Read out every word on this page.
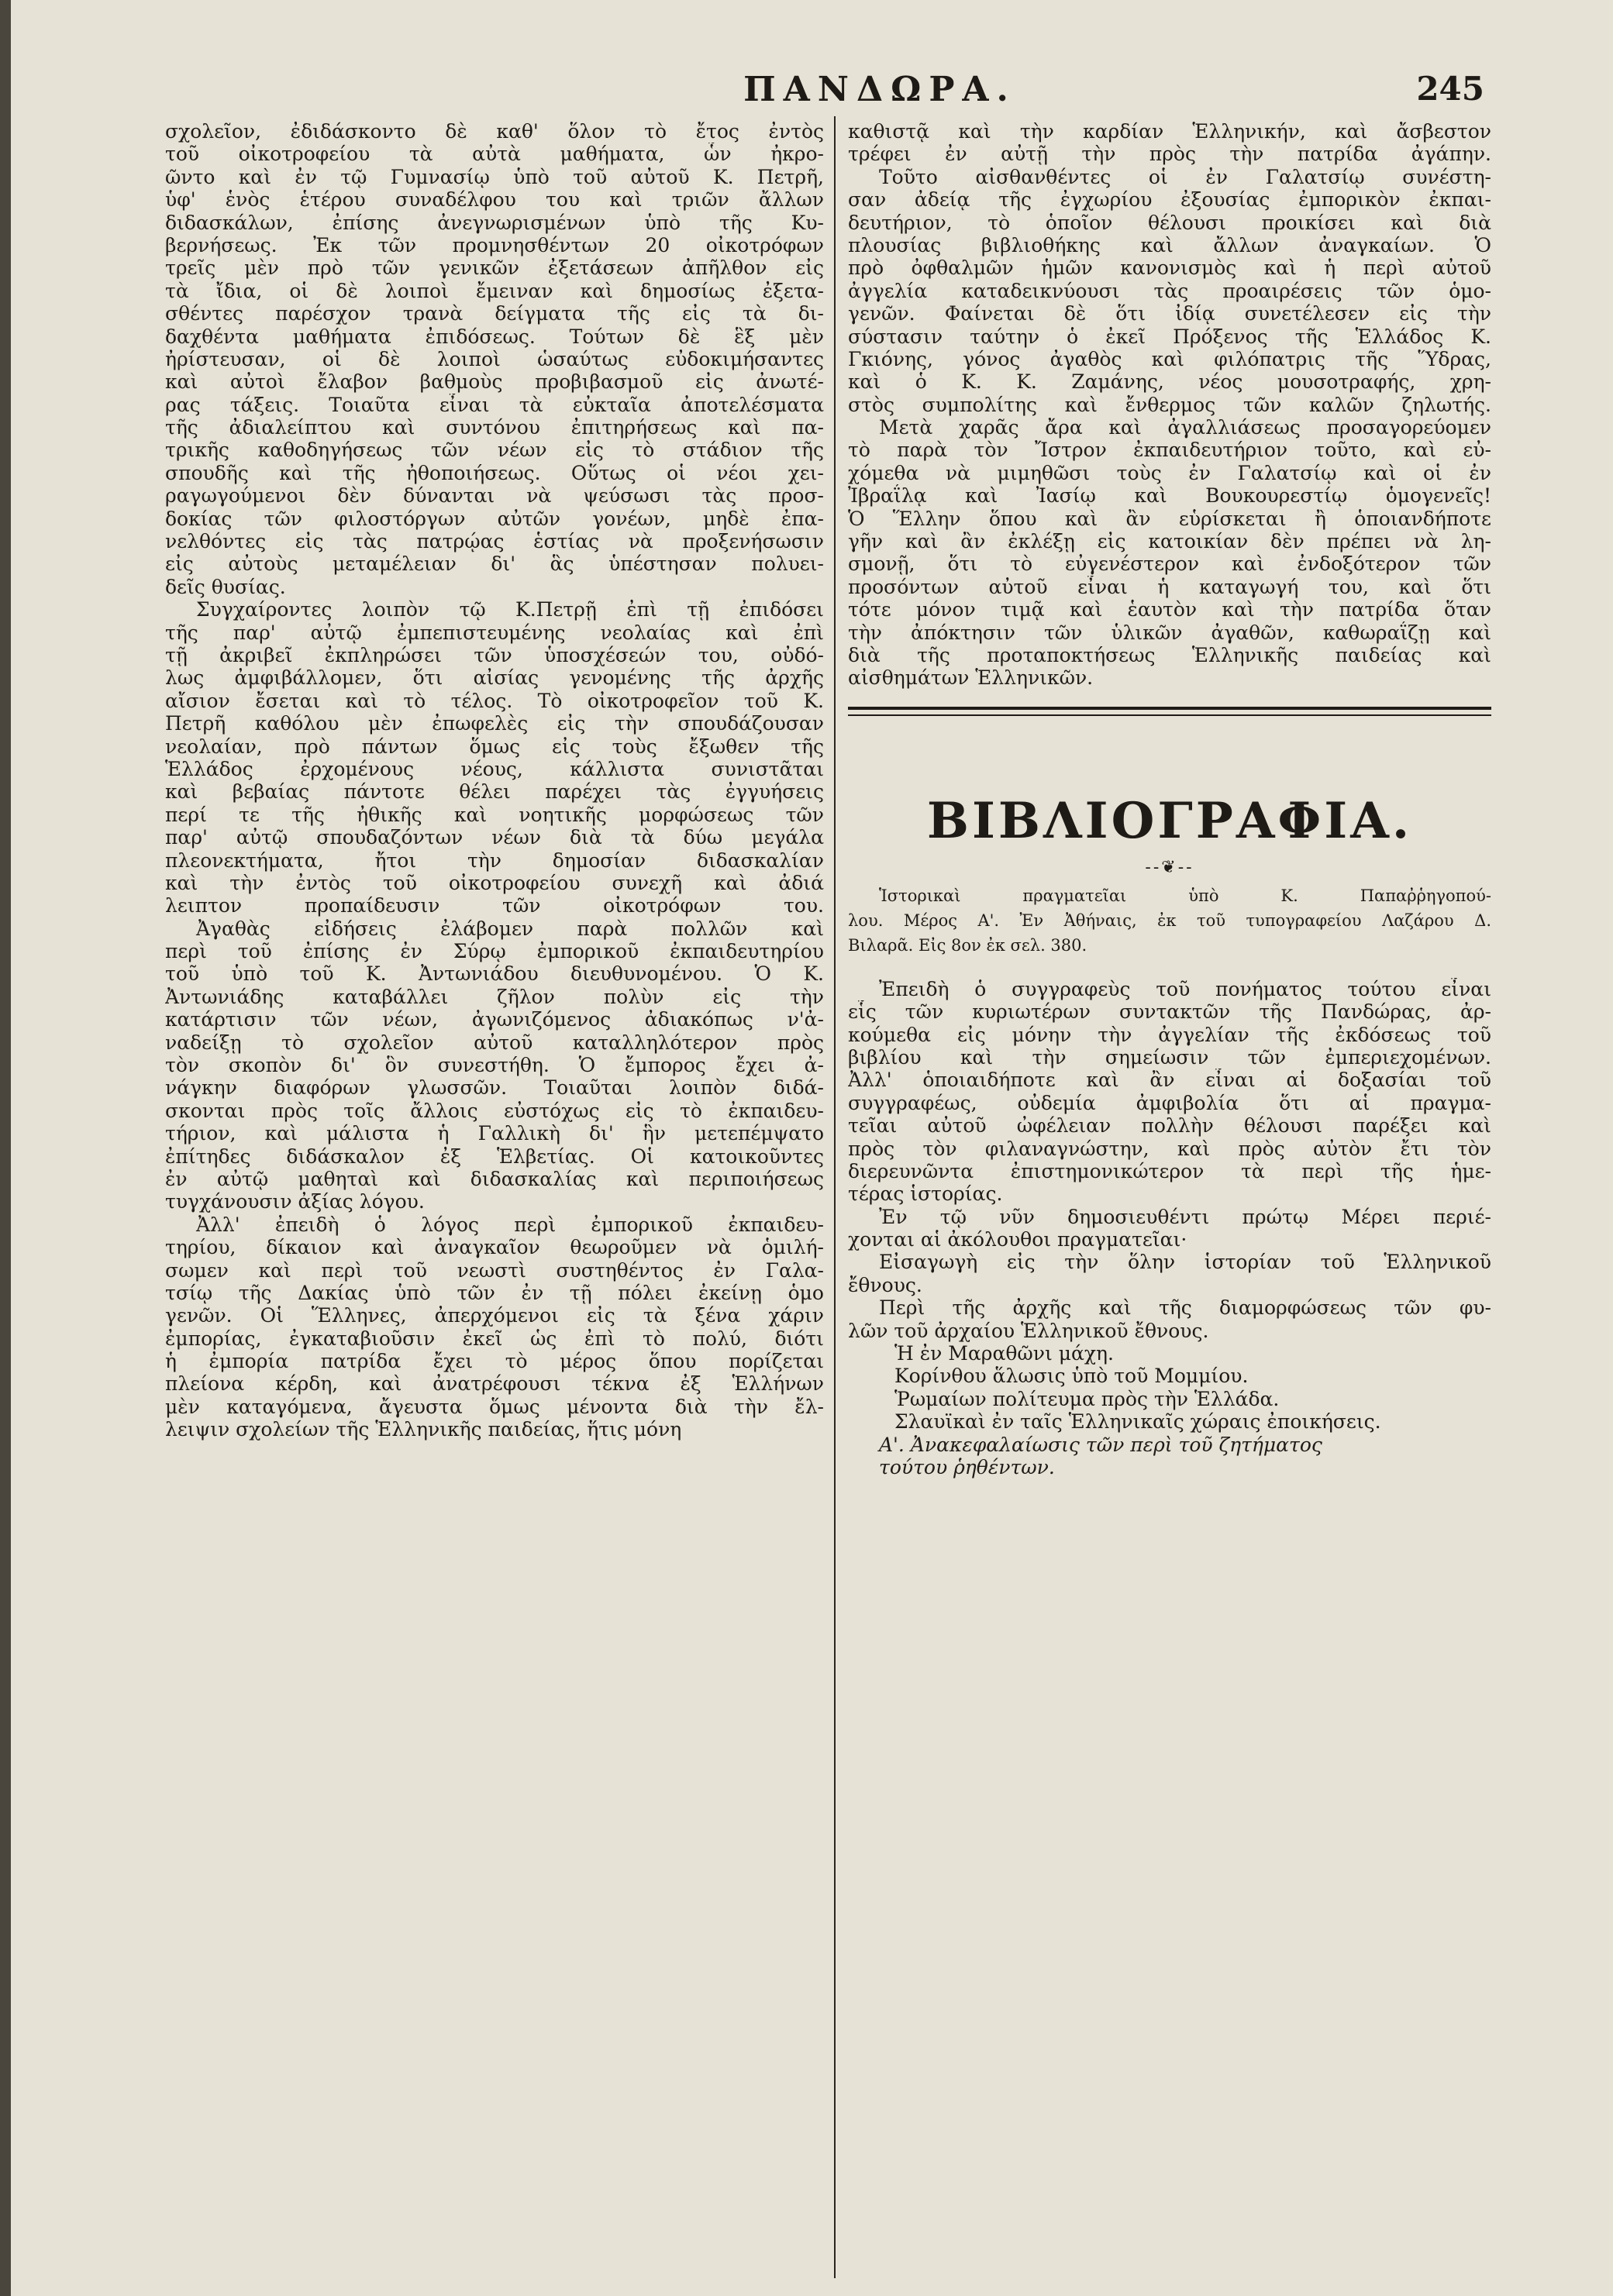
ΠΑΝΔΩΡΑ.	245
σχολεῖον, ἐδιδάσκοντο δὲ καθ' ὅλον τὸ ἔτος ἐντὸς
τοῦ οἰκοτροφείου τὰ αὐτὰ μαθήματα, ὧν ἠκρο-
ῶντο καὶ ἐν τῷ Γυμνασίῳ ὑπὸ τοῦ αὐτοῦ Κ. Πετρῆ,
ὑφ' ἑνὸς ἑτέρου συναδέλφου του καὶ τριῶν ἄλλων
διδασκάλων, ἐπίσης ἀνεγνωρισμένων ὑπὸ τῆς Κυ-
βερνήσεως. Ἐκ τῶν προμνησθέντων 20 οἰκοτρόφων
τρεῖς μὲν πρὸ τῶν γενικῶν ἐξετάσεων ἀπῆλθον εἰς
τὰ ἴδια, οἱ δὲ λοιποὶ ἔμειναν καὶ δημοσίως ἐξετα-
σθέντες παρέσχον τρανὰ δείγματα τῆς εἰς τὰ δι-
δαχθέντα μαθήματα ἐπιδόσεως. Τούτων δὲ ἓξ μὲν
ἠρίστευσαν, οἱ δὲ λοιποὶ ὡσαύτως εὐδοκιμήσαντες
καὶ αὐτοὶ ἔλαβον βαθμοὺς προβιβασμοῦ εἰς ἀνωτέ-
ρας τάξεις. Τοιαῦτα εἶναι τὰ εὐκταῖα ἀποτελέσματα
τῆς ἀδιαλείπτου καὶ συντόνου ἐπιτηρήσεως καὶ πα-
τρικῆς καθοδηγήσεως τῶν νέων εἰς τὸ στάδιον τῆς
σπουδῆς καὶ τῆς ἠθοποιήσεως. Οὕτως οἱ νέοι χει-
ραγωγούμενοι δὲν δύνανται νὰ ψεύσωσι τὰς προσ-
δοκίας τῶν φιλοστόργων αὐτῶν γονέων, μηδὲ ἐπα-
νελθόντες εἰς τὰς πατρῴας ἑστίας νὰ προξενήσωσιν
εἰς αὐτοὺς μεταμέλειαν δι' ἃς ὑπέστησαν πολυει-
δεῖς θυσίας.
Συγχαίροντες λοιπὸν τῷ Κ.Πετρῇ ἐπὶ τῇ ἐπιδόσει
τῆς παρ' αὐτῷ ἐμπεπιστευμένης νεολαίας καὶ ἐπὶ
τῇ ἀκριβεῖ ἐκπληρώσει τῶν ὑποσχέσεών του, οὐδό-
λως ἀμφιβάλλομεν, ὅτι αἰσίας γενομένης τῆς ἀρχῆς
αἴσιον ἔσεται καὶ τὸ τέλος. Τὸ οἰκοτροφεῖον τοῦ Κ.
Πετρῆ καθόλου μὲν ἐπωφελὲς εἰς τὴν σπουδάζουσαν
νεολαίαν, πρὸ πάντων ὅμως εἰς τοὺς ἔξωθεν τῆς
Ἑλλάδος ἐρχομένους νέους, κάλλιστα συνιστᾶται
καὶ βεβαίας πάντοτε θέλει παρέχει τὰς ἐγγυήσεις
περί τε τῆς ἠθικῆς καὶ νοητικῆς μορφώσεως τῶν
παρ' αὐτῷ σπουδαζόντων νέων διὰ τὰ δύω μεγάλα
πλεονεκτήματα, ἤτοι τὴν δημοσίαν διδασκαλίαν
καὶ τὴν ἐντὸς τοῦ οἰκοτροφείου συνεχῆ καὶ ἀδιά
λειπτον προπαίδευσιν τῶν οἰκοτρόφων του.
Ἀγαθὰς εἰδήσεις ἐλάβομεν παρὰ πολλῶν καὶ
περὶ τοῦ ἐπίσης ἐν Σύρῳ ἐμπορικοῦ ἐκπαιδευτηρίου
τοῦ ὑπὸ τοῦ Κ. Ἀντωνιάδου διευθυνομένου. Ὁ Κ.
Ἀντωνιάδης καταβάλλει ζῆλον πολὺν εἰς τὴν
κατάρτισιν τῶν νέων, ἀγωνιζόμενος ἀδιακόπως ν'ἀ-
ναδείξῃ τὸ σχολεῖον αὐτοῦ καταλληλότερον πρὸς
τὸν σκοπὸν δι' ὃν συνεστήθη. Ὁ ἔμπορος ἔχει ἀ-
νάγκην διαφόρων γλωσσῶν. Τοιαῦται λοιπὸν διδά-
σκονται πρὸς τοῖς ἄλλοις εὐστόχως εἰς τὸ ἐκπαιδευ-
τήριον, καὶ μάλιστα ἡ Γαλλικὴ δι' ἣν μετεπέμψατο
ἐπίτηδες διδάσκαλον ἐξ Ἑλβετίας. Οἱ κατοικοῦντες
ἐν αὐτῷ μαθηταὶ καὶ διδασκαλίας καὶ περιποιήσεως
τυγχάνουσιν ἀξίας λόγου.
Ἀλλ' ἐπειδὴ ὁ λόγος περὶ ἐμπορικοῦ ἐκπαιδευ-
τηρίου, δίκαιον καὶ ἀναγκαῖον θεωροῦμεν νὰ ὁμιλή-
σωμεν καὶ περὶ τοῦ νεωστὶ συστηθέντος ἐν Γαλα-
τσίῳ τῆς Δακίας ὑπὸ τῶν ἐν τῇ πόλει ἐκείνῃ ὁμο
γενῶν. Οἱ Ἕλληνες, ἀπερχόμενοι εἰς τὰ ξένα χάριν
ἐμπορίας, ἐγκαταβιοῦσιν ἐκεῖ ὡς ἐπὶ τὸ πολύ, διότι
ἡ ἐμπορία πατρίδα ἔχει τὸ μέρος ὅπου πορίζεται
πλείονα κέρδη, καὶ ἀνατρέφουσι τέκνα ἐξ Ἑλλήνων
μὲν καταγόμενα, ἄγευστα ὅμως μένοντα διὰ τὴν ἔλ-
λειψιν σχολείων τῆς Ἑλληνικῆς παιδείας, ἥτις μόνη
καθιστᾷ καὶ τὴν καρδίαν Ἑλληνικήν, καὶ ἄσβεστον
τρέφει ἐν αὐτῇ τὴν πρὸς τὴν πατρίδα ἀγάπην.
Τοῦτο αἰσθανθέντες οἱ ἐν Γαλατσίῳ συνέστη-
σαν ἀδείᾳ τῆς ἐγχωρίου ἐξουσίας ἐμπορικὸν ἐκπαι-
δευτήριον, τὸ ὁποῖον θέλουσι προικίσει καὶ διὰ
πλουσίας βιβλιοθήκης καὶ ἄλλων ἀναγκαίων. Ὁ
πρὸ ὀφθαλμῶν ἡμῶν κανονισμὸς καὶ ἡ περὶ αὐτοῦ
ἀγγελία καταδεικνύουσι τὰς προαιρέσεις τῶν ὁμο-
γενῶν. Φαίνεται δὲ ὅτι ἰδίᾳ συνετέλεσεν εἰς τὴν
σύστασιν ταύτην ὁ ἐκεῖ Πρόξενος τῆς Ἑλλάδος Κ.
Γκιόνης, γόνος ἀγαθὸς καὶ φιλόπατρις τῆς Ὕδρας,
καὶ ὁ Κ. Κ. Ζαμάνης, νέος μουσοτραφής, χρη-
στὸς συμπολίτης καὶ ἔνθερμος τῶν καλῶν ζηλωτής.
Μετὰ χαρᾶς ἄρα καὶ ἀγαλλιάσεως προσαγορεύομεν
τὸ παρὰ τὸν Ἴστρον ἐκπαιδευτήριον τοῦτο, καὶ εὐ-
χόμεθα νὰ μιμηθῶσι τοὺς ἐν Γαλατσίῳ καὶ οἱ ἐν
Ἰβραΐλᾳ καὶ Ἰασίῳ καὶ Βουκουρεστίῳ ὁμογενεῖς!
Ὁ Ἕλλην ὅπου καὶ ἂν εὑρίσκεται ἢ ὁποιανδήποτε
γῆν καὶ ἂν ἐκλέξῃ εἰς κατοικίαν δὲν πρέπει νὰ λη-
σμονῇ, ὅτι τὸ εὐγενέστερον καὶ ἐνδοξότερον τῶν
προσόντων αὐτοῦ εἶναι ἡ καταγωγή του, καὶ ὅτι
τότε μόνον τιμᾷ καὶ ἑαυτὸν καὶ τὴν πατρίδα ὅταν
τὴν ἀπόκτησιν τῶν ὑλικῶν ἀγαθῶν, καθωραΐζῃ καὶ
διὰ τῆς προταποκτήσεως Ἑλληνικῆς παιδείας καὶ
αἰσθημάτων Ἑλληνικῶν.
ΒΙΒΛΙΟΓΡΑΦΙΑ.
--❦--
Ἱστορικαὶ πραγματεῖαι ὑπὸ Κ. Παπαῤῥηγοπού-
λου. Μέρος Α'. Ἐν Ἀθήναις, ἐκ τοῦ τυπογραφείου Λαζάρου Δ.
Βιλαρᾶ. Εἰς 8ον ἐκ σελ. 380.
Ἐπειδὴ ὁ συγγραφεὺς τοῦ πονήματος τούτου εἶναι
εἷς τῶν κυριωτέρων συντακτῶν τῆς Πανδώρας, ἀρ-
κούμεθα εἰς μόνην τὴν ἀγγελίαν τῆς ἐκδόσεως τοῦ
βιβλίου καὶ τὴν σημείωσιν τῶν ἐμπεριεχομένων.
Ἀλλ' ὁποιαιδήποτε καὶ ἂν εἶναι αἱ δοξασίαι τοῦ
συγγραφέως, οὐδεμία ἀμφιβολία ὅτι αἱ πραγμα-
τεῖαι αὐτοῦ ὠφέλειαν πολλὴν θέλουσι παρέξει καὶ
πρὸς τὸν φιλαναγνώστην, καὶ πρὸς αὐτὸν ἔτι τὸν
διερευνῶντα ἐπιστημονικώτερον τὰ περὶ τῆς ἡμε-
τέρας ἱστορίας.
Ἐν τῷ νῦν δημοσιευθέντι πρώτῳ Μέρει περιέ-
χονται αἱ ἀκόλουθοι πραγματεῖαι·
Εἰσαγωγὴ εἰς τὴν ὅλην ἱστορίαν τοῦ Ἑλληνικοῦ
ἔθνους.
Περὶ τῆς ἀρχῆς καὶ τῆς διαμορφώσεως τῶν φυ-
λῶν τοῦ ἀρχαίου Ἑλληνικοῦ ἔθνους.
Ἡ ἐν Μαραθῶνι μάχη.
Κορίνθου ἅλωσις ὑπὸ τοῦ Μομμίου.
Ῥωμαίων πολίτευμα πρὸς τὴν Ἑλλάδα.
Σλαυϊκαὶ ἐν ταῖς Ἑλληνικαῖς χώραις ἐποικήσεις.
Α'. Ἀνακεφαλαίωσις τῶν περὶ τοῦ ζητήματος
τούτου ῥηθέντων.
